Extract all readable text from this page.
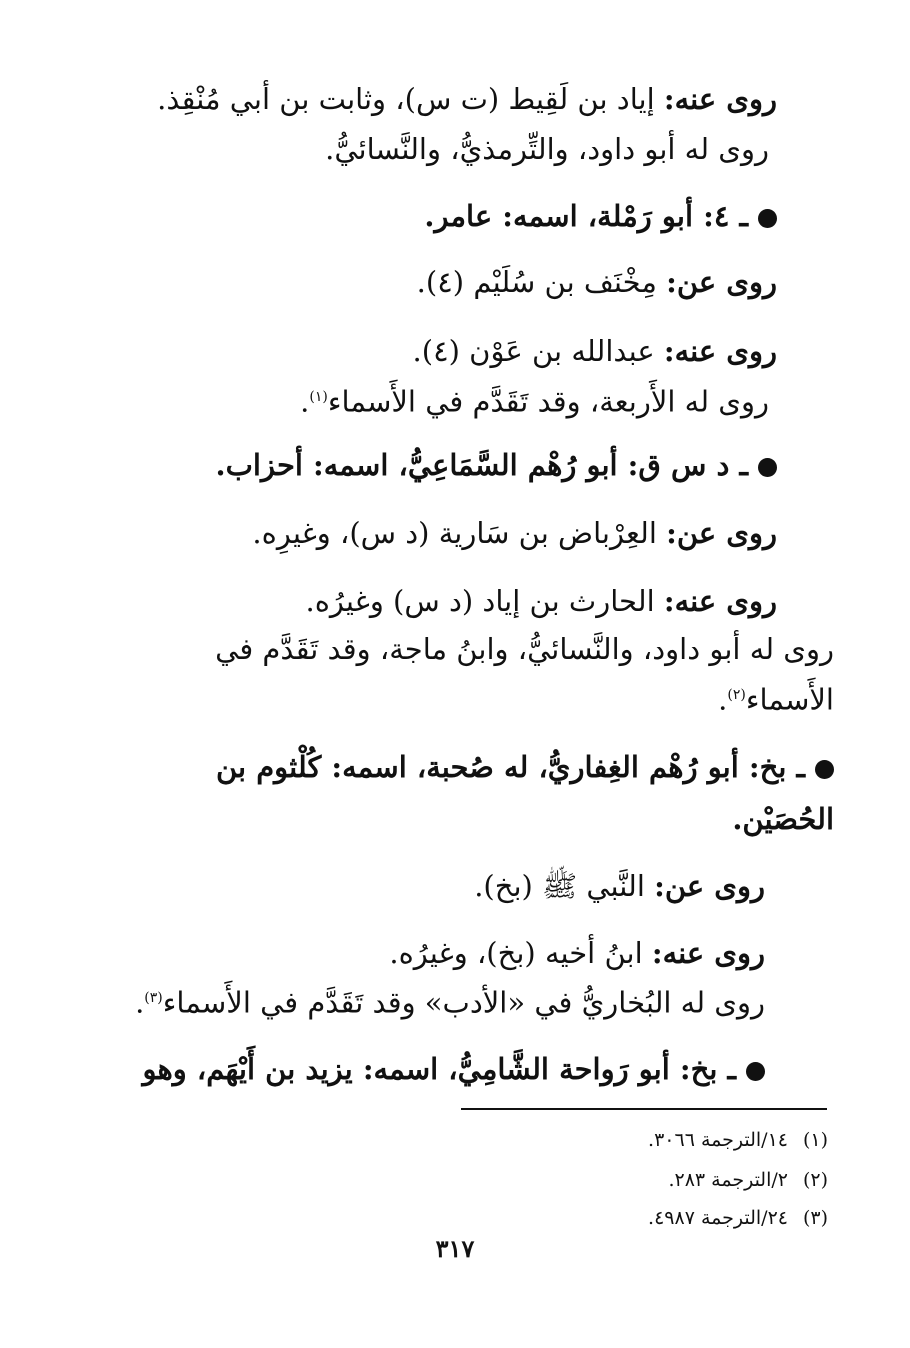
روى عنه: إياد بن لَقِيط (ت س)، وثابت بن أبي مُنْقِذ.
روى له أبو داود، والتِّرمذيُّ، والنَّسائيُّ.
ـ ٤: أبو رَمْلة، اسمه: عامر.
روى عن: مِخْنَف بن سُلَيْم (٤).
روى عنه: عبدالله بن عَوْن (٤).
روى له الأَربعة، وقد تَقَدَّم في الأَسماء$^{(١)}$.
ـ د س ق: أبو رُهْم السَّمَاعِيُّ، اسمه: أحزاب.
روى عن: العِرْباض بن سَارية (د س)، وغيرِه.
روى عنه: الحارث بن إياد (د س) وغيرُه.
روى له أبو داود، والنَّسائيُّ، وابنُ ماجة، وقد تَقَدَّم في
الأَسماء$^{(٢)}$.
ـ بخ: أبو رُهْم الغِفاريُّ، له صُحبة، اسمه: كُلْثوم بن
الحُصَيْن.
روى عن: النَّبي ﷺ (بخ).
روى عنه: ابنُ أخيه (بخ)، وغيرُه.
روى له البُخاريُّ في «الأدب» وقد تَقَدَّم في الأَسماء$^{(٣)}$.
ـ بخ: أبو رَواحة الشَّامِيُّ، اسمه: يزيد بن أَيْهَم، وهو
(١)١٤/الترجمة ٣٠٦٦.
(٢)٢/الترجمة ٢٨٣.
(٣)٢٤/الترجمة ٤٩٨٧.
٣١٧
